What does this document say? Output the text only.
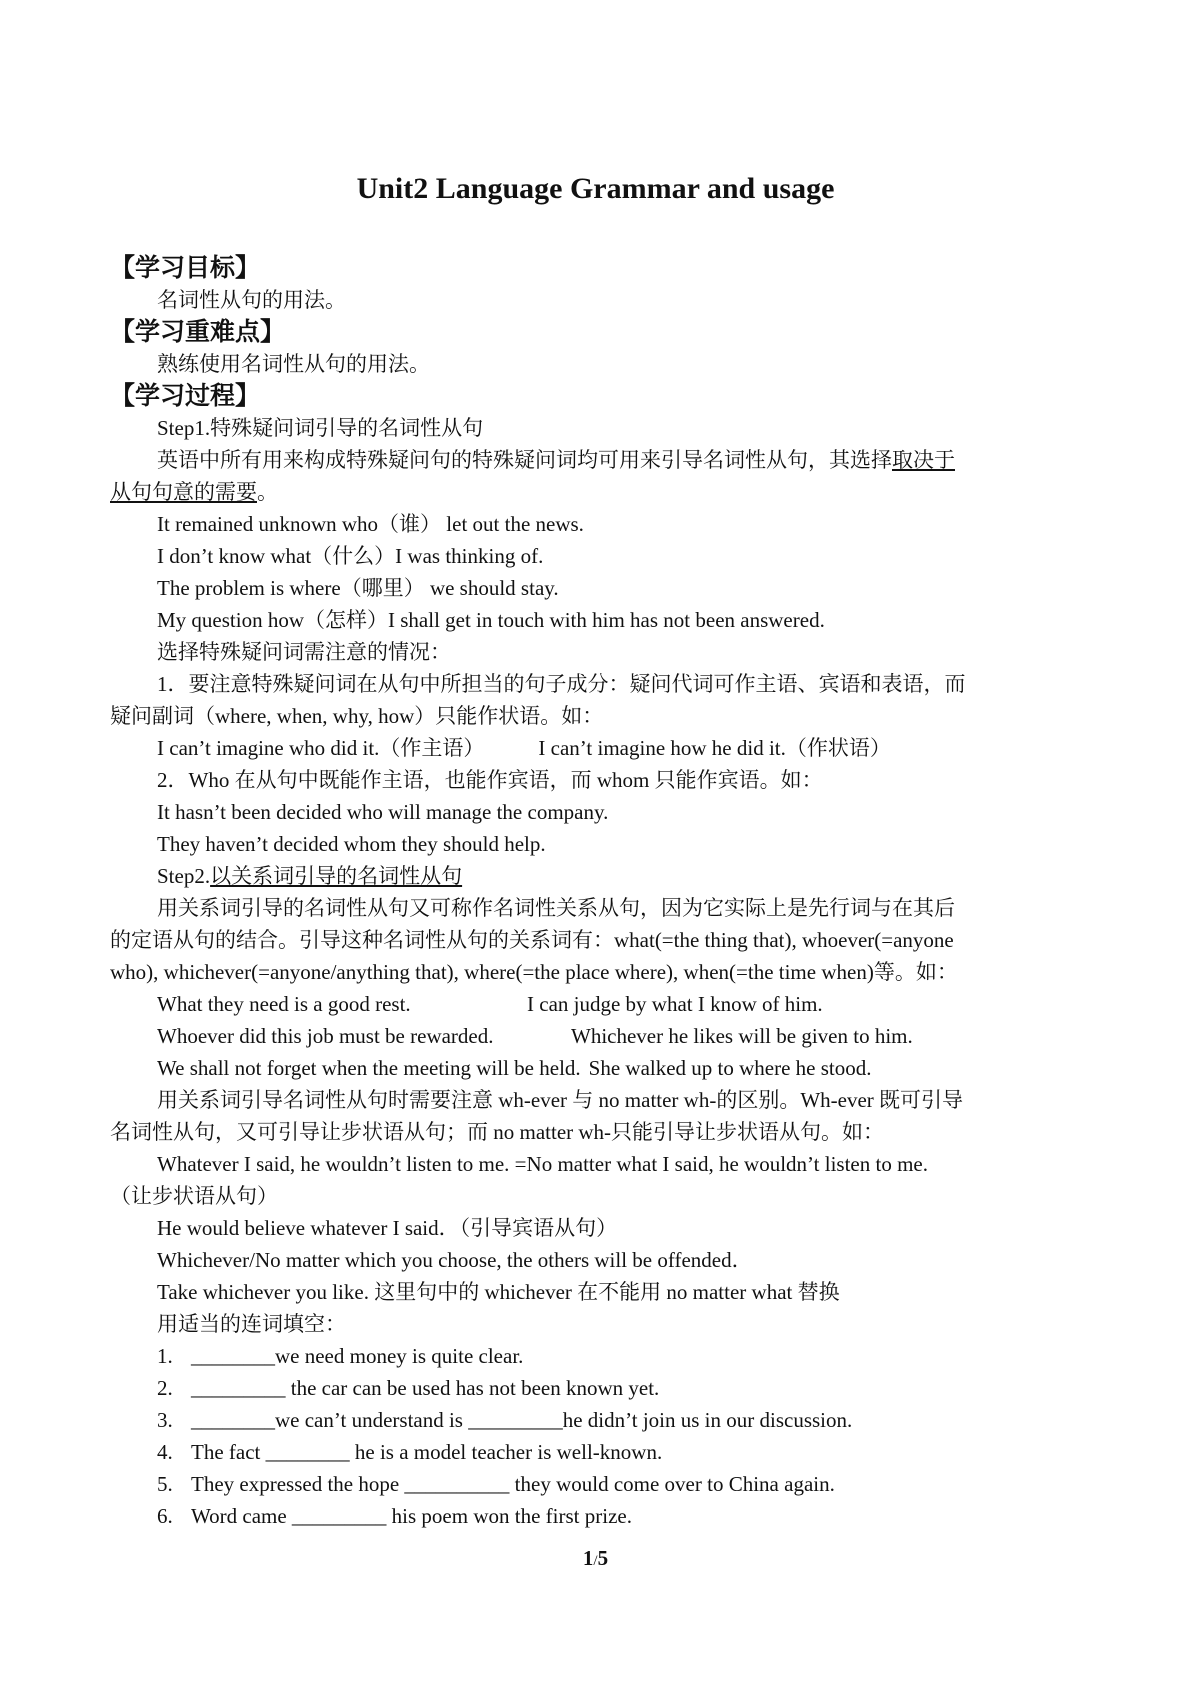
Unit2 Language Grammar and usage

【学习目标】

名词性从句的用法。

【学习重难点】

熟练使用名词性从句的用法。

【学习过程】

Step1.特殊疑问词引导的名词性从句

英语中所有用来构成特殊疑问句的特殊疑问词均可用来引导名词性从句，其选择取决于

从句句意的需要。

It remained unknown who（谁） let out the news.

I don’t know what（什么）I was thinking of.

The problem is where（哪里） we should stay.

My question how（怎样）I shall get in touch with him has not been answered.

选择特殊疑问词需注意的情况：

1．要注意特殊疑问词在从句中所担当的句子成分：疑问代词可作主语、宾语和表语，而

疑问副词（where, when, why, how）只能作状语。如：

I can’t imagine who did it.（作主语）	I can’t imagine how he did it.（作状语）

2．Who 在从句中既能作主语，也能作宾语，而 whom 只能作宾语。如：

It hasn’t been decided who will manage the company.

They haven’t decided whom they should help.

Step2.以关系词引导的名词性从句

用关系词引导的名词性从句又可称作名词性关系从句，因为它实际上是先行词与在其后

的定语从句的结合。引导这种名词性从句的关系词有：what(=the thing that), whoever(=anyone

who), whichever(=anyone/anything that), where(=the place where), when(=the time when)等。如：

What they need is a good rest.	I can judge by what I know of him.

Whoever did this job must be rewarded.	Whichever he likes will be given to him.

We shall not forget when the meeting will be held. She walked up to where he stood.

用关系词引导名词性从句时需要注意 wh-ever 与 no matter wh-的区别。Wh-ever 既可引导

名词性从句，又可引导让步状语从句；而 no matter wh-只能引导让步状语从句。如：

Whatever I said, he wouldn’t listen to me. =No matter what I said, he wouldn’t listen to me.

（让步状语从句）

He would believe whatever I said．（引导宾语从句）

Whichever/No matter which you choose, the others will be offended．

Take whichever you like. 这里句中的 whichever 在不能用 no matter what 替换

用适当的连词填空：

1. ________we need money is quite clear.

2. _________ the car can be used has not been known yet.

3. ________we can’t understand is _________he didn’t join us in our discussion.

4. The fact ________ he is a model teacher is well-known.

5. They expressed the hope __________ they would come over to China again.

6. Word came _________ his poem won the first prize.

1/5
